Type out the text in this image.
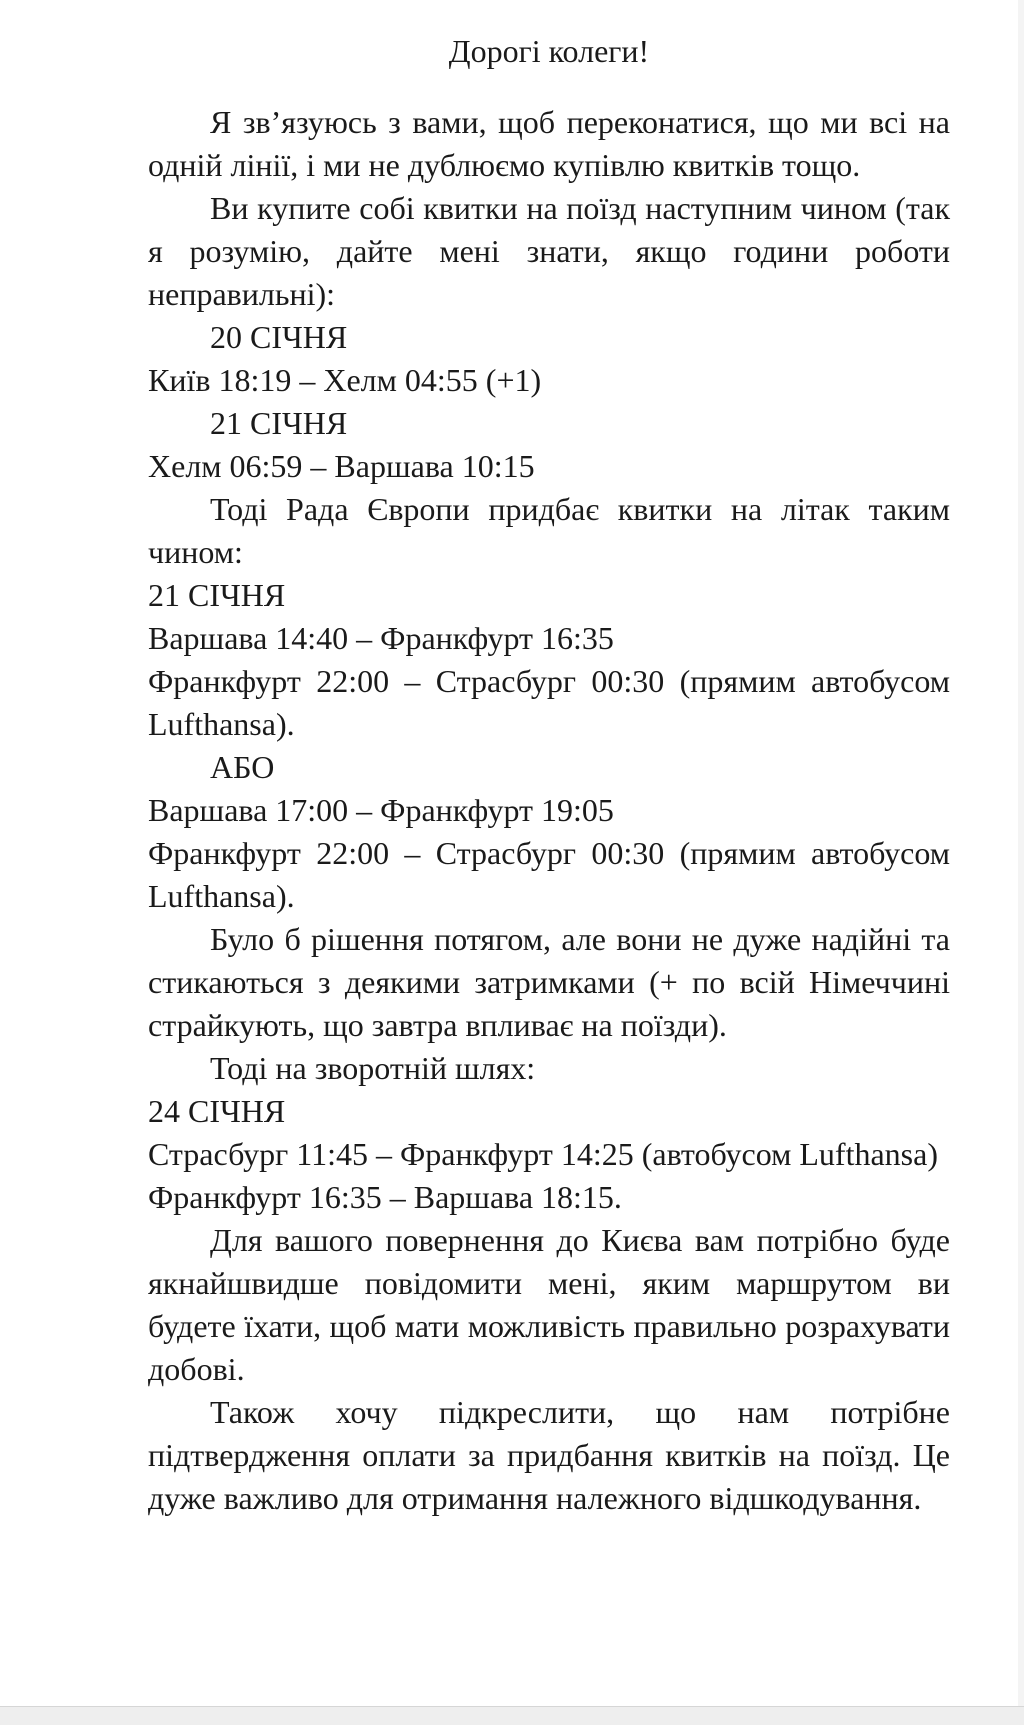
Дорогі колеги!

Я зв’язуюсь з вами, щоб переконатися, що ми всі на одній лінії, і ми не дублюємо купівлю квитків тощо.

Ви купите собі квитки на поїзд наступним чином (так я розумію, дайте мені знати, якщо години роботи неправильні):

20 СІЧНЯ

Київ 18:19 – Хелм 04:55 (+1)

21 СІЧНЯ

Хелм 06:59 – Варшава 10:15

Тоді Рада Європи придбає квитки на літак таким чином:

21 СІЧНЯ

Варшава 14:40 – Франкфурт 16:35

Франкфурт 22:00 – Страсбург 00:30 (прямим автобусом Lufthansa).

АБО

Варшава 17:00 – Франкфурт 19:05

Франкфурт 22:00 – Страсбург 00:30 (прямим автобусом Lufthansa).

Було б рішення потягом, але вони не дуже надійні та стикаються з деякими затримками (+ по всій Німеччині страйкують, що завтра впливає на поїзди).

Тоді на зворотній шлях:

24 СІЧНЯ

Страсбург 11:45 – Франкфурт 14:25 (автобусом Lufthansa)

Франкфурт 16:35 – Варшава 18:15.

Для вашого повернення до Києва вам потрібно буде якнайшвидше повідомити мені, яким маршрутом ви будете їхати, щоб мати можливість правильно розрахувати добові.

Також хочу підкреслити, що нам потрібне підтвердження оплати за придбання квитків на поїзд. Це дуже важливо для отримання належного відшкодування.
